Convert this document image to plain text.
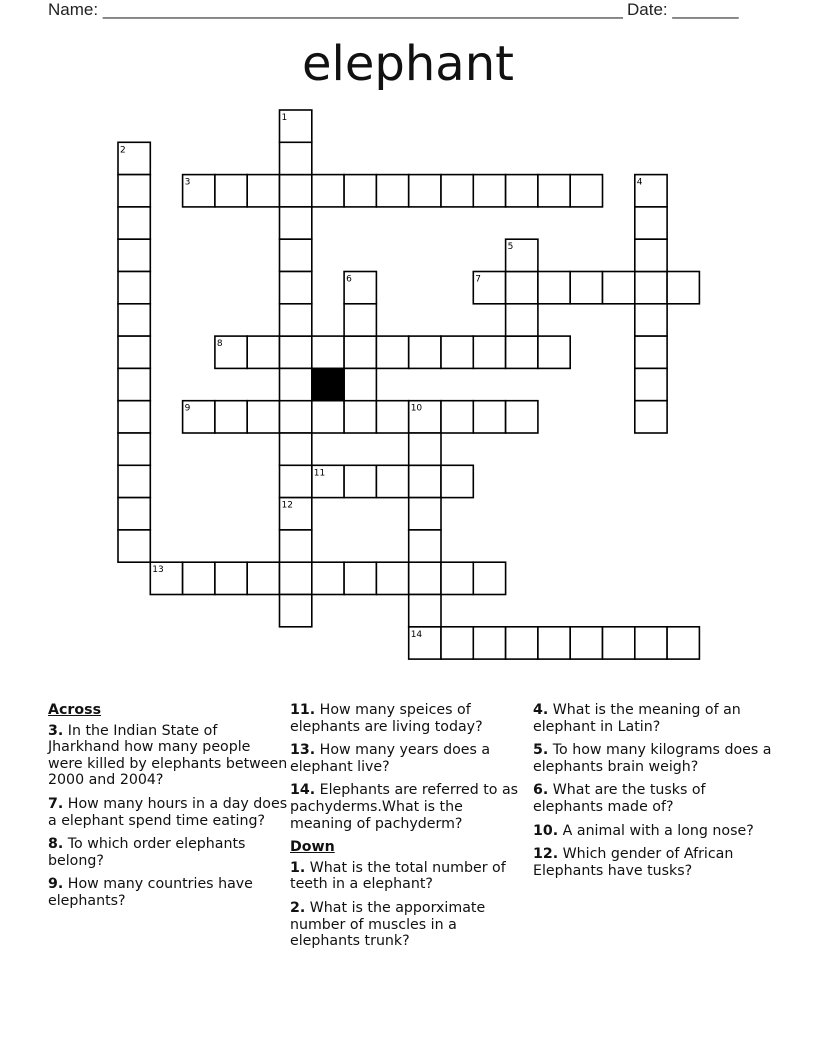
Name: _______________________________________________________ Date: _______
elephant
3
7
8
9
11
13
14
1
2
4
5
6
10
12
Across
3. In the Indian State of Jharkhand how many people were killed by elephants between 2000 and 2004?
7. How many hours in a day does a elephant spend time eating?
8. To which order elephants belong?
9. How many countries have elephants?
11. How many speices of elephants are living today?
13. How many years does a elephant live?
14. Elephants are referred to as pachyderms.What is the meaning of pachyderm?
Down
1. What is the total number of teeth in a elephant?
2. What is the apporximate number of muscles in a elephants trunk?
4. What is the meaning of an elephant in Latin?
5. To how many kilograms does a elephants brain weigh?
6. What are the tusks of elephants made of?
10. A animal with a long nose?
12. Which gender of African Elephants have tusks?
